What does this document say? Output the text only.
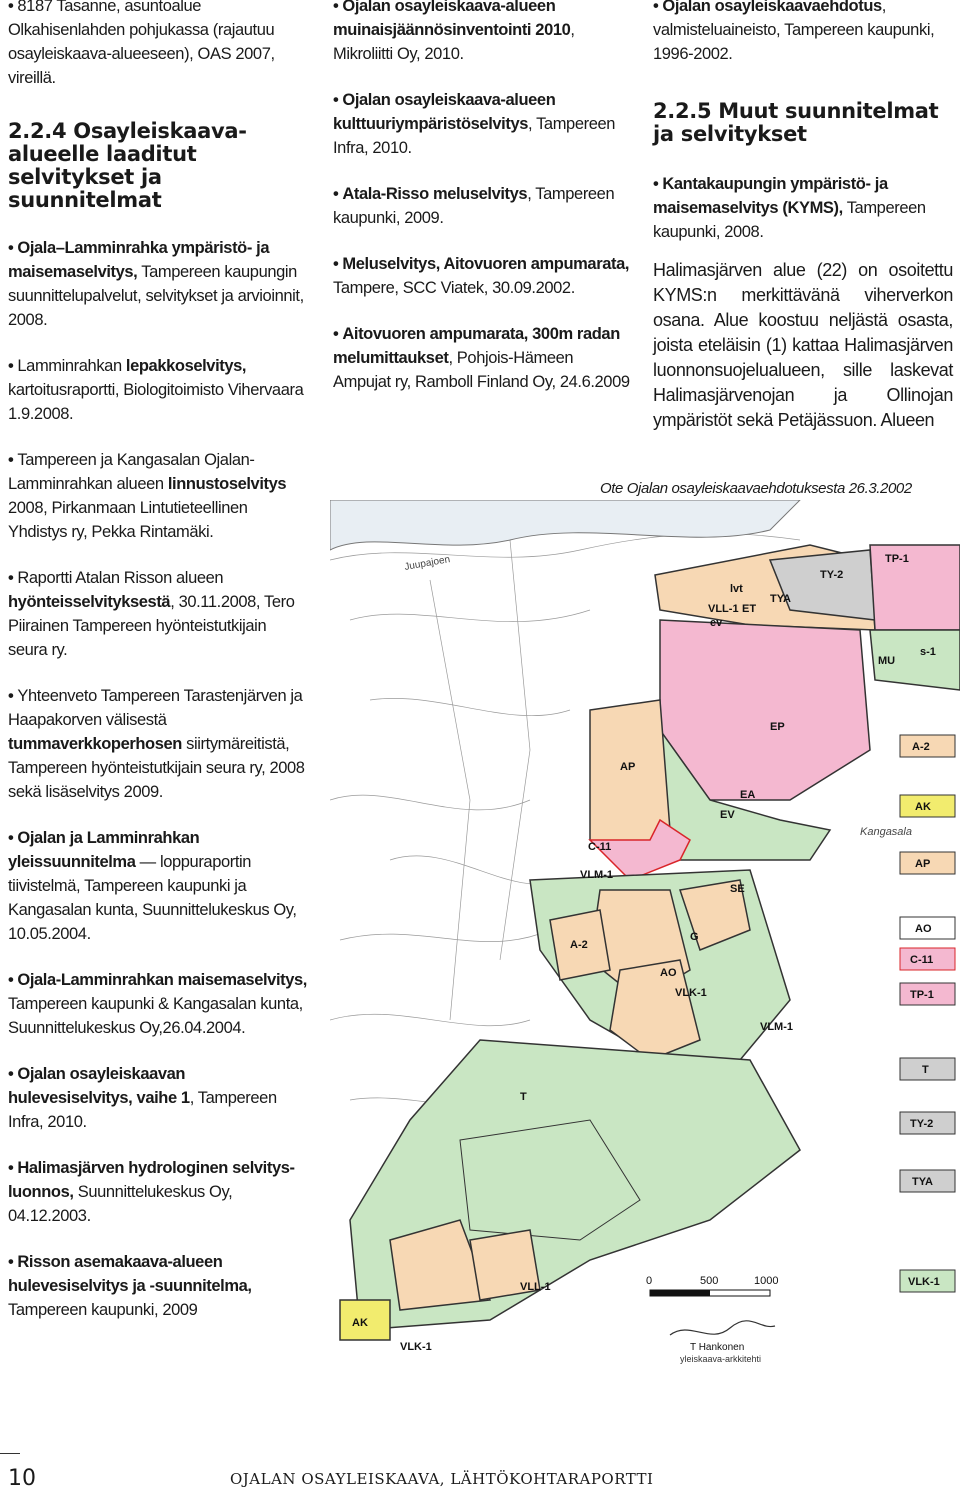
• 8187 Tasanne, asuntoalue Olkahisenlahden pohjukassa (rajautuu osayleiskaava-alueeseen), OAS 2007, vireillä.

2.2.4 Osayleiskaava-alueelle laaditut selvitykset ja suunnitelmat

• Ojala–Lamminrahka ympäristö- ja maisemaselvitys, Tampereen kaupungin suunnittelupalvelut, selvitykset ja arvioinnit, 2008.

• Lamminrahkan lepakkoselvitys, kartoitusraportti, Biologitoimisto Vihervaara 1.9.2008.

• Tampereen ja Kangasalan Ojalan-Lamminrahkan alueen linnustoselvitys 2008, Pirkanmaan Lintutieteellinen Yhdistys ry, Pekka Rintamäki.

• Raportti Atalan Risson alueen hyönteisselvityksestä, 30.11.2008, Tero Piirainen Tampereen hyönteistutkijain seura ry.

• Yhteenveto Tampereen Tarastenjärven ja Haapakorven välisestä tummaverkkoperhosen siirtymäreitistä, Tampereen hyönteistutkijain seura ry, 2008 sekä lisäselvitys 2009.

• Ojalan ja Lamminrahkan yleissuunnitelma — loppuraportin tiivistelmä, Tampereen kaupunki ja Kangasalan kunta, Suunnittelukeskus Oy, 10.05.2004.

• Ojala-Lamminrahkan maisemaselvitys, Tampereen kaupunki & Kangasalan kunta, Suunnittelukeskus Oy,26.04.2004.

• Ojalan osayleiskaavan hulevesiselvitys, vaihe 1, Tampereen Infra, 2010.

• Halimasjärven hydrologinen selvitys-luonnos, Suunnittelukeskus Oy, 04.12.2003.

• Risson asemakaava-alueen hulevesiselvitys ja -suunnitelma, Tampereen kaupunki, 2009

• Ojalan osayleiskaava-alueen muinaisjäännösinventointi 2010, Mikroliitti Oy, 2010.

• Ojalan osayleiskaava-alueen kulttuuriympäristöselvitys, Tampereen Infra, 2010.

• Atala-Risso meluselvitys, Tampereen kaupunki, 2009.

• Meluselvitys, Aitovuoren ampumarata, Tampere, SCC Viatek, 30.09.2002.

• Aitovuoren ampumarata, 300m radan melumittaukset, Pohjois-Hämeen Ampujat ry, Ramboll Finland Oy, 24.6.2009

• Ojalan osayleiskaavaehdotus, valmisteluaineisto, Tampereen kaupunki, 1996-2002.

2.2.5 Muut suunnitelmat ja selvitykset

• Kantakaupungin ympäristö- ja maisemaselvitys (KYMS), Tampereen kaupunki, 2008.

Halimasjärven alue (22) on osoitettu KYMS:n merkittävänä viherverkon osana. Alue koostuu neljästä osasta, joista eteläisin (1) kattaa Halimasjärven luonnonsuojelualueen, sille laskevat Halimasjärvenojan ja Ollinojan ympäristöt sekä Petäjässuon. Alueen
Ote Ojalan osayleiskaavaehdotuksesta 26.3.2002
TP-1
TY-2
lvt
TYA
VLL-1 ET
ev
MU
s-1
EP
EA
EV
AP
C-11
VLM-1
SE
A-2
AO
VLK-1
G
T
AK
VLL-1
VLK-1
VLM-1
Juupajoen
Kangasala
A-2
AK
AP
AO
C-11
TP-1
T
TY-2
TYA
VLK-1
0	500	1000
T Hankonen
yleiskaava-arkkitehti
10	OJALAN OSAYLEISKAAVA, LÄHTÖKOHTARAPORTTI
